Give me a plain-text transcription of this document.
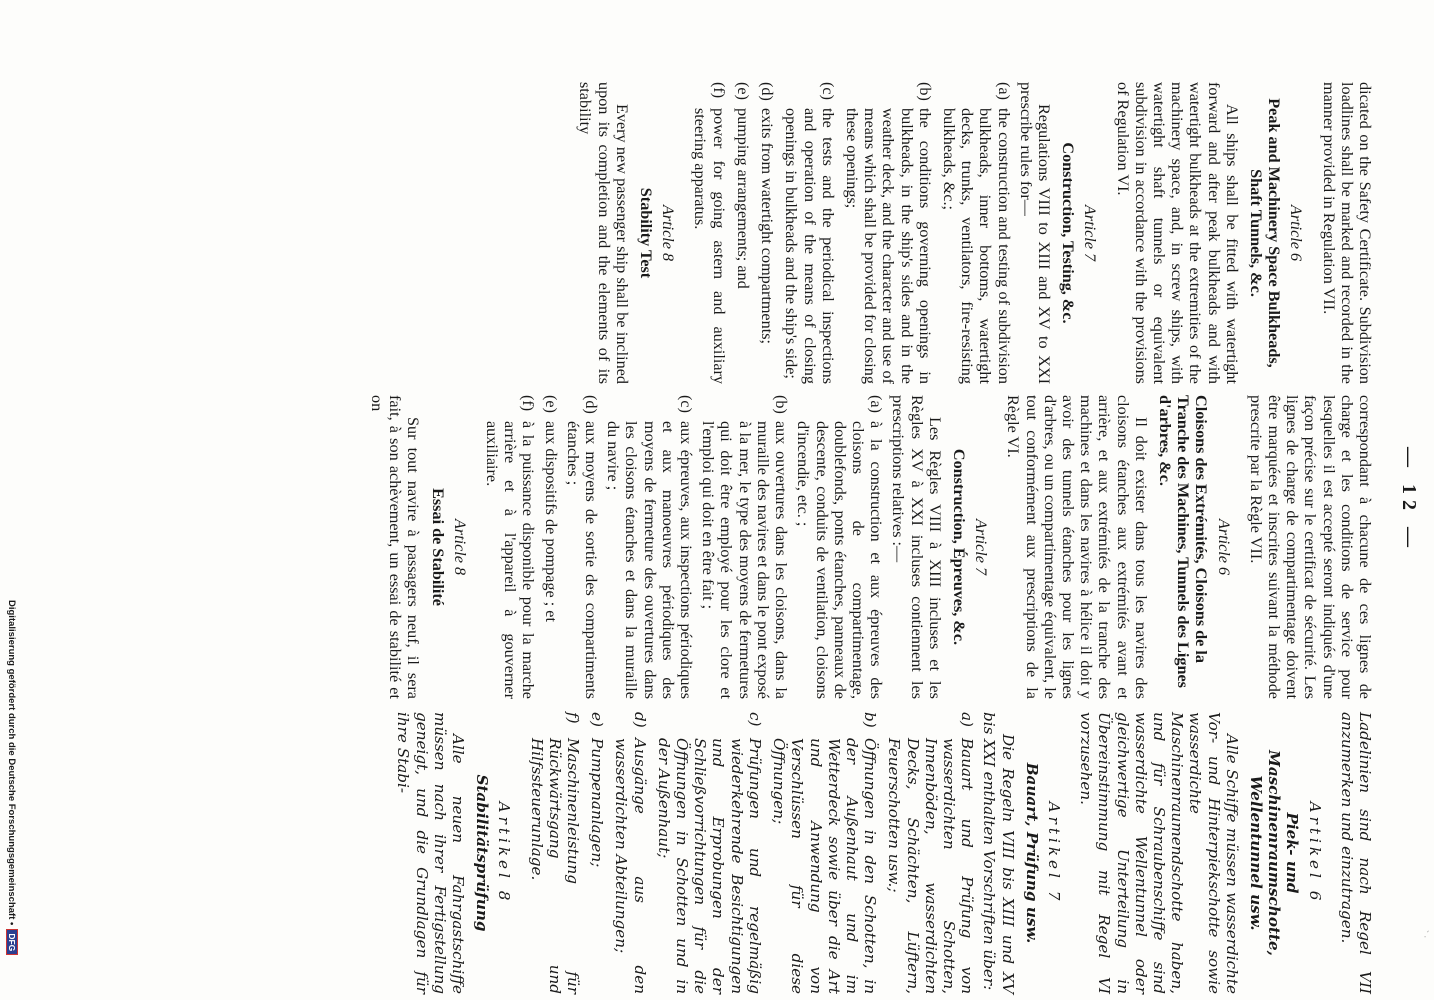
` ·
— 12 —

dicated on the Safety Certificate. Subdivision loadlines shall be marked and recorded in the manner provided in Regulation VII.

Article 6
Peak and Machinery Space Bulkheads, Shaft Tunnels, &c.

All ships shall be fitted with watertight forward and after peak bulkheads and with watertight bulkheads at the extremities of the machinery space, and, in screw ships, with watertight shaft tunnels or equivalent subdivision in accordance with the provisions of Regulation VI.

Article 7
Construction, Testing, &c.

Regulations VIII to XIII and XV to XXI prescribe rules for—

(a)
the construction and testing of subdivision bulkheads, inner bottoms, watertight decks, trunks, ventilators, fire-resisting bulkheads, &c.;
(b)
the conditions governing openings in bulkheads, in the ship's sides and in the weather deck, and the character and use of means which shall be provided for closing these openings;
(c)
the tests and the periodical inspections and operation of the means of closing openings in bulkheads and the ship's side;
(d)
exits from watertight compartments;
(e)
pumping arrangements; and
(f)
power for going astern and auxiliary steering apparatus.
Article 8
Stability Test

Every new passenger ship shall be inclined upon its completion and the elements of its stability

correspondant à chacune de ces lignes de charge et les conditions de service pour lesquelles il est accepté seront indiqués d'une façon précise sur le certificat de sécurité. Les lignes de charge de compartimentage doivent être marquées et inscrites suivant la méthode prescrite par la Règle VII.

Article 6
Cloisons des Extrémités, Cloisons de la Tranche des Machines, Tunnels des Lignes d'arbres, &c.

Il doit exister dans tous les navires des cloisons étanches aux extrémités avant et arrière, et aux extrémités de la tranche des machines et dans les navires à hélice il doit y avoir des tunnels étanches pour les lignes d'arbres, ou un compartimentage équivalent, le tout conformément aux prescriptions de la Règle VI.

Article 7
Construction, Épreuves, &c.

Les Règles VIII à XIII incluses et les Règles XV à XXI incluses contiennent les prescriptions relatives :—

(a)
à la construction et aux épreuves des cloisons de compartimentage, doublefonds, ponts étanches, panneaux de descente, conduits de ventilation, cloisons d'incendie, etc. ;
(b)
aux ouvertures dans les cloisons, dans la muraille des navires et dans le pont exposé à la mer, le type des moyens de fermetures qui doit être employé pour les clore et l'emploi qui doit en être fait ;
(c)
aux épreuves, aux inspections périodiques et aux manoeuvres périodiques des moyens de fermeture des ouvertures dans les cloisons étanches et dans la muraille du navire ;
(d)
aux moyens de sortie des compartiments étanches ;
(e)
aux dispositifs de pompage ; et
(f)
à la puissance disponible pour la marche arrière et à l'appareil à gouverner auxiliaire.
Article 8
Essai de Stabilité

Sur tout navire à passagers neuf, il sera fait, à son achèvement, un essai de stabilité et on

Ladelinien sind nach Regel VII anzumerken und einzutragen.

Artikel 6
Piek- und Maschinenraumschotte, Wellentunnel usw.

Alle Schiffe müssen wasserdichte Vor- und Hinterpiekschotte sowie wasserdichte Maschinenraumendschotte haben, und für Schraubenschiffe sind wasserdichte Wellentunnel oder gleichwertige Unterteilung in Übereinstimmung mit Regel VI vorzusehen.

Artikel 7
Bauart, Prüfung usw.

Die Regeln VIII bis XIII und XV bis XXI enthalten Vorschriften über:

a)
Bauart und Prüfung von wasserdichten Schotten, Innenböden, wasserdichten Decks, Schächten, Lüftern, Feuerschotten usw.;
b)
Öffnungen in den Schotten, in der Außenhaut und im Wetterdeck sowie über die Art und Anwendung von Verschlüssen für diese Öffnungen;
c)
Prüfungen und regelmäßig wiederkehrende Besichtigungen und Erprobungen der Schließvorrichtungen für die Öffnungen in Schotten und in der Außenhaut;
d)
Ausgänge aus den wasserdichten Abteilungen;
e)
Pumpenanlagen;
f)
Maschinenleistung für Rückwärtsgang und Hilfssteuerunlage.
Artikel 8
Stabilitätsprüfung

Alle neuen Fahrgastschiffe müssen nach ihrer Fertigstellung geneigt, und die Grundlagen für ihre Stabi-

Digitalisierung gefördert durch die Deutsche Forschungsgemeinschaft •
DFG
